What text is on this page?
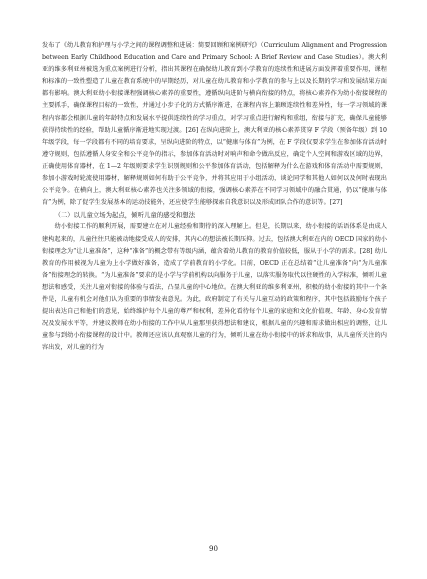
发布了《幼儿教育和护理与小学之间的课程调整和进展：简要回顾和案例研究》（Curriculum Alignment and Progression between Early Childhood Education and Care and Primary School: A Brief Review and Case Studies）。澳大利亚的维多利亚州被选为重点案例进行分析，指出其课程在确保幼儿教育到小学教育的连续性和进展方面发挥着重要作用，课程和标准的一致性塑造了儿童在教育系统中的早期经历，对儿童在幼儿教育和小学教育的参与上以及长期的学习和发展结果方面都有影响。澳大利亚幼小衔接课程强调核心素养的重要性，遵循纵向进阶与横向衔接的特点，将核心素养作为幼小衔接课程的主要抓手，确保课程目标的一致性，并通过小步子化的方式循序渐进，在课程内容上兼顾连续性和差异性，每一学习领域的课程内容都会根据儿童的年龄特点和发展水平提供连续性的学习重点，对学习重点进行解构和重组，衔接与扩充，确保儿童能够获得持续性的经验，帮助儿童循序渐进地实现过渡。[26] 在纵向进阶上，澳大利亚的核心素养贯穿 F 学段（预备年级）到 10 年级学段，每一学段都有不同的培育要求，呈纵向进阶的特点，以“健康与体育”为例，在 F 学段仅要求学生在参加体育活动时遵守规则，包括遵循人身安全和公平竞争的指示，参加体育活动时对响声和命令做出反应，确定个人空间和游戏区域的边界，正确使用体育器材，在 1—2 年级则要求学生识别规则和公平参加体育活动，包括解释为什么在游戏和体育活动中需要规则，参加小游戏时轮流使用器材，解释规则如何有助于公平竞争，并将其应用于小组活动，谈论同学和其他人如何以及何时表现出公平竞争。在横向上，澳大利亚核心素养也关注多领域的衔接，强调核心素养在不同学习领域中的融合贯通，仍以“健康与体育”为例，除了促学生发展基本的运动技能外，还应使学生能够探索自我意识以及形成团队合作的意识等。[27]

（二）以儿童立场为起点，倾听儿童的感受和想法

幼小衔接工作的顺利开展，需要建立在对儿童经验和期待的深入理解上。但是，长期以来，幼小衔接的话语体系是由成人建构起来的，儿童往往只能被动地接受成人的安排，其内心的想法被长期压抑。过去，包括澳大利亚在内的 OECD 国家的幼小衔接理念为“让儿童准备”，这种“准备”的概念带有等级内涵，蕴含着幼儿教育的教育价值较低，服从于小学的需求。[28] 幼儿教育的作用被视为儿童为上小学做好准备，造成了学前教育的小学化。目前，OECD 正在总结着“让儿童准备”向“为儿童准备”衔接理念的转换。“为儿童准备”要求的是小学与学前机构以向服务于儿童，以落实服务取代以往硬性的入学标准，倾听儿童想法和感受，关注儿童对衔接的体验与看法，凸显儿童的中心地位。在澳大利亚的维多利亚州，积极的幼小衔接的其中一个条件是，儿童有机会对他们认为重要的事情发表意见。为此，政府制定了有关与儿童互动的政策和程序，其中包括鼓励每个孩子提出表达自己和他们的意见，始终维护每个儿童的尊严和权利，差异化看待每个儿童的家庭和文化价值观、年龄、身心发育情况及发展水平等，并建议教师在幼小衔接的工作中从儿童那里获得想法和建议，根据儿童的兴趣和需求做出相应的调整，让儿童参与到幼小衔接课程的设计中。教师还应该认真观察儿童的行为，倾听儿童在幼小衔接中的诉求和故事，从儿童所关注的内容出发，对儿童的行为

90
